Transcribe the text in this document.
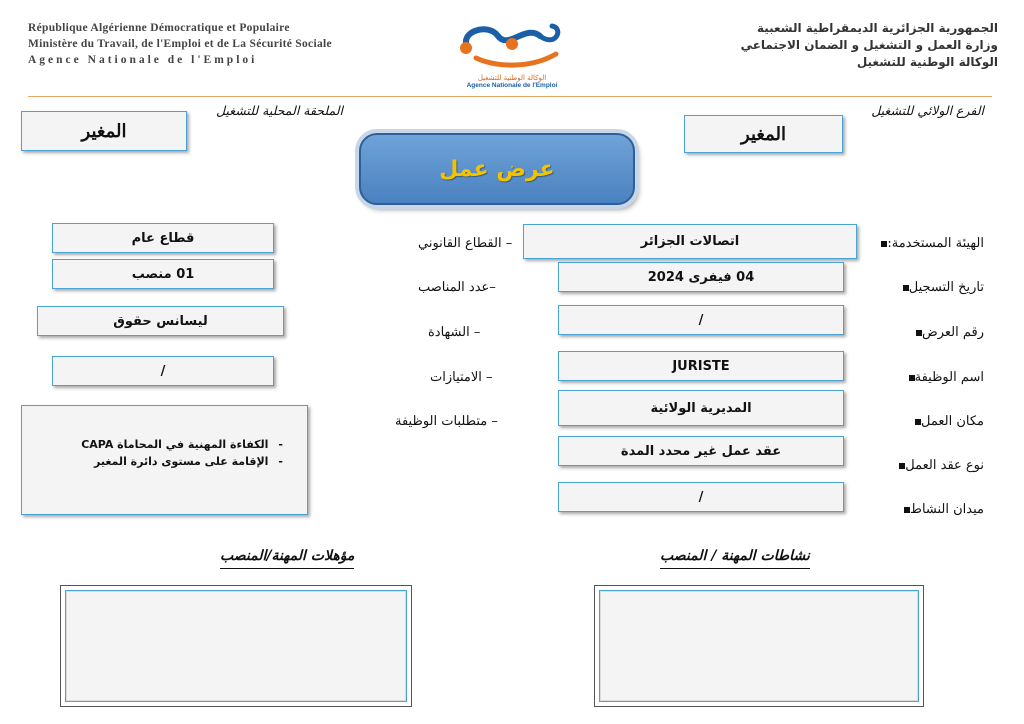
République Algérienne Démocratique et Populaire
Ministère du Travail, de l'Emploi et de La Sécurité Sociale
Agence Nationale de l'Emploi
الوكالة الوطنية للتشغيل
Agence Nationale de l'Emploi
الجمهورية الجزائرية الديمقراطية الشعبية
وزارة العمل و التشغيل و الضمان الاجتماعي
الوكالة الوطنية للتشغيل
الفرع الولائي للتشغيل
المغير
الملحقة المحلية للتشغيل
المغير
عرض عمل
الهيئة المستخدمة:
تاريخ التسجيل
رقم العرض
اسم الوظيفة
مكان العمل
نوع عقد العمل
ميدان النشاط
اتصالات الجزائر
04 فيفرى 2024
/
JURISTE
المديرية الولائية
عقد عمل غير محدد المدة
/
– القطاع القانوني
–عدد المناصب
– الشهادة
– الامتيازات
– متطلبات الوظيفة
قطاع عام
01 منصب
ليسانس حقوق
/
-الكفاءة المهنية في المحاماة CAPA
-الإقامة على مستوى دائرة المغير
نشاطات المهنة / المنصب
مؤهلات المهنة/المنصب
